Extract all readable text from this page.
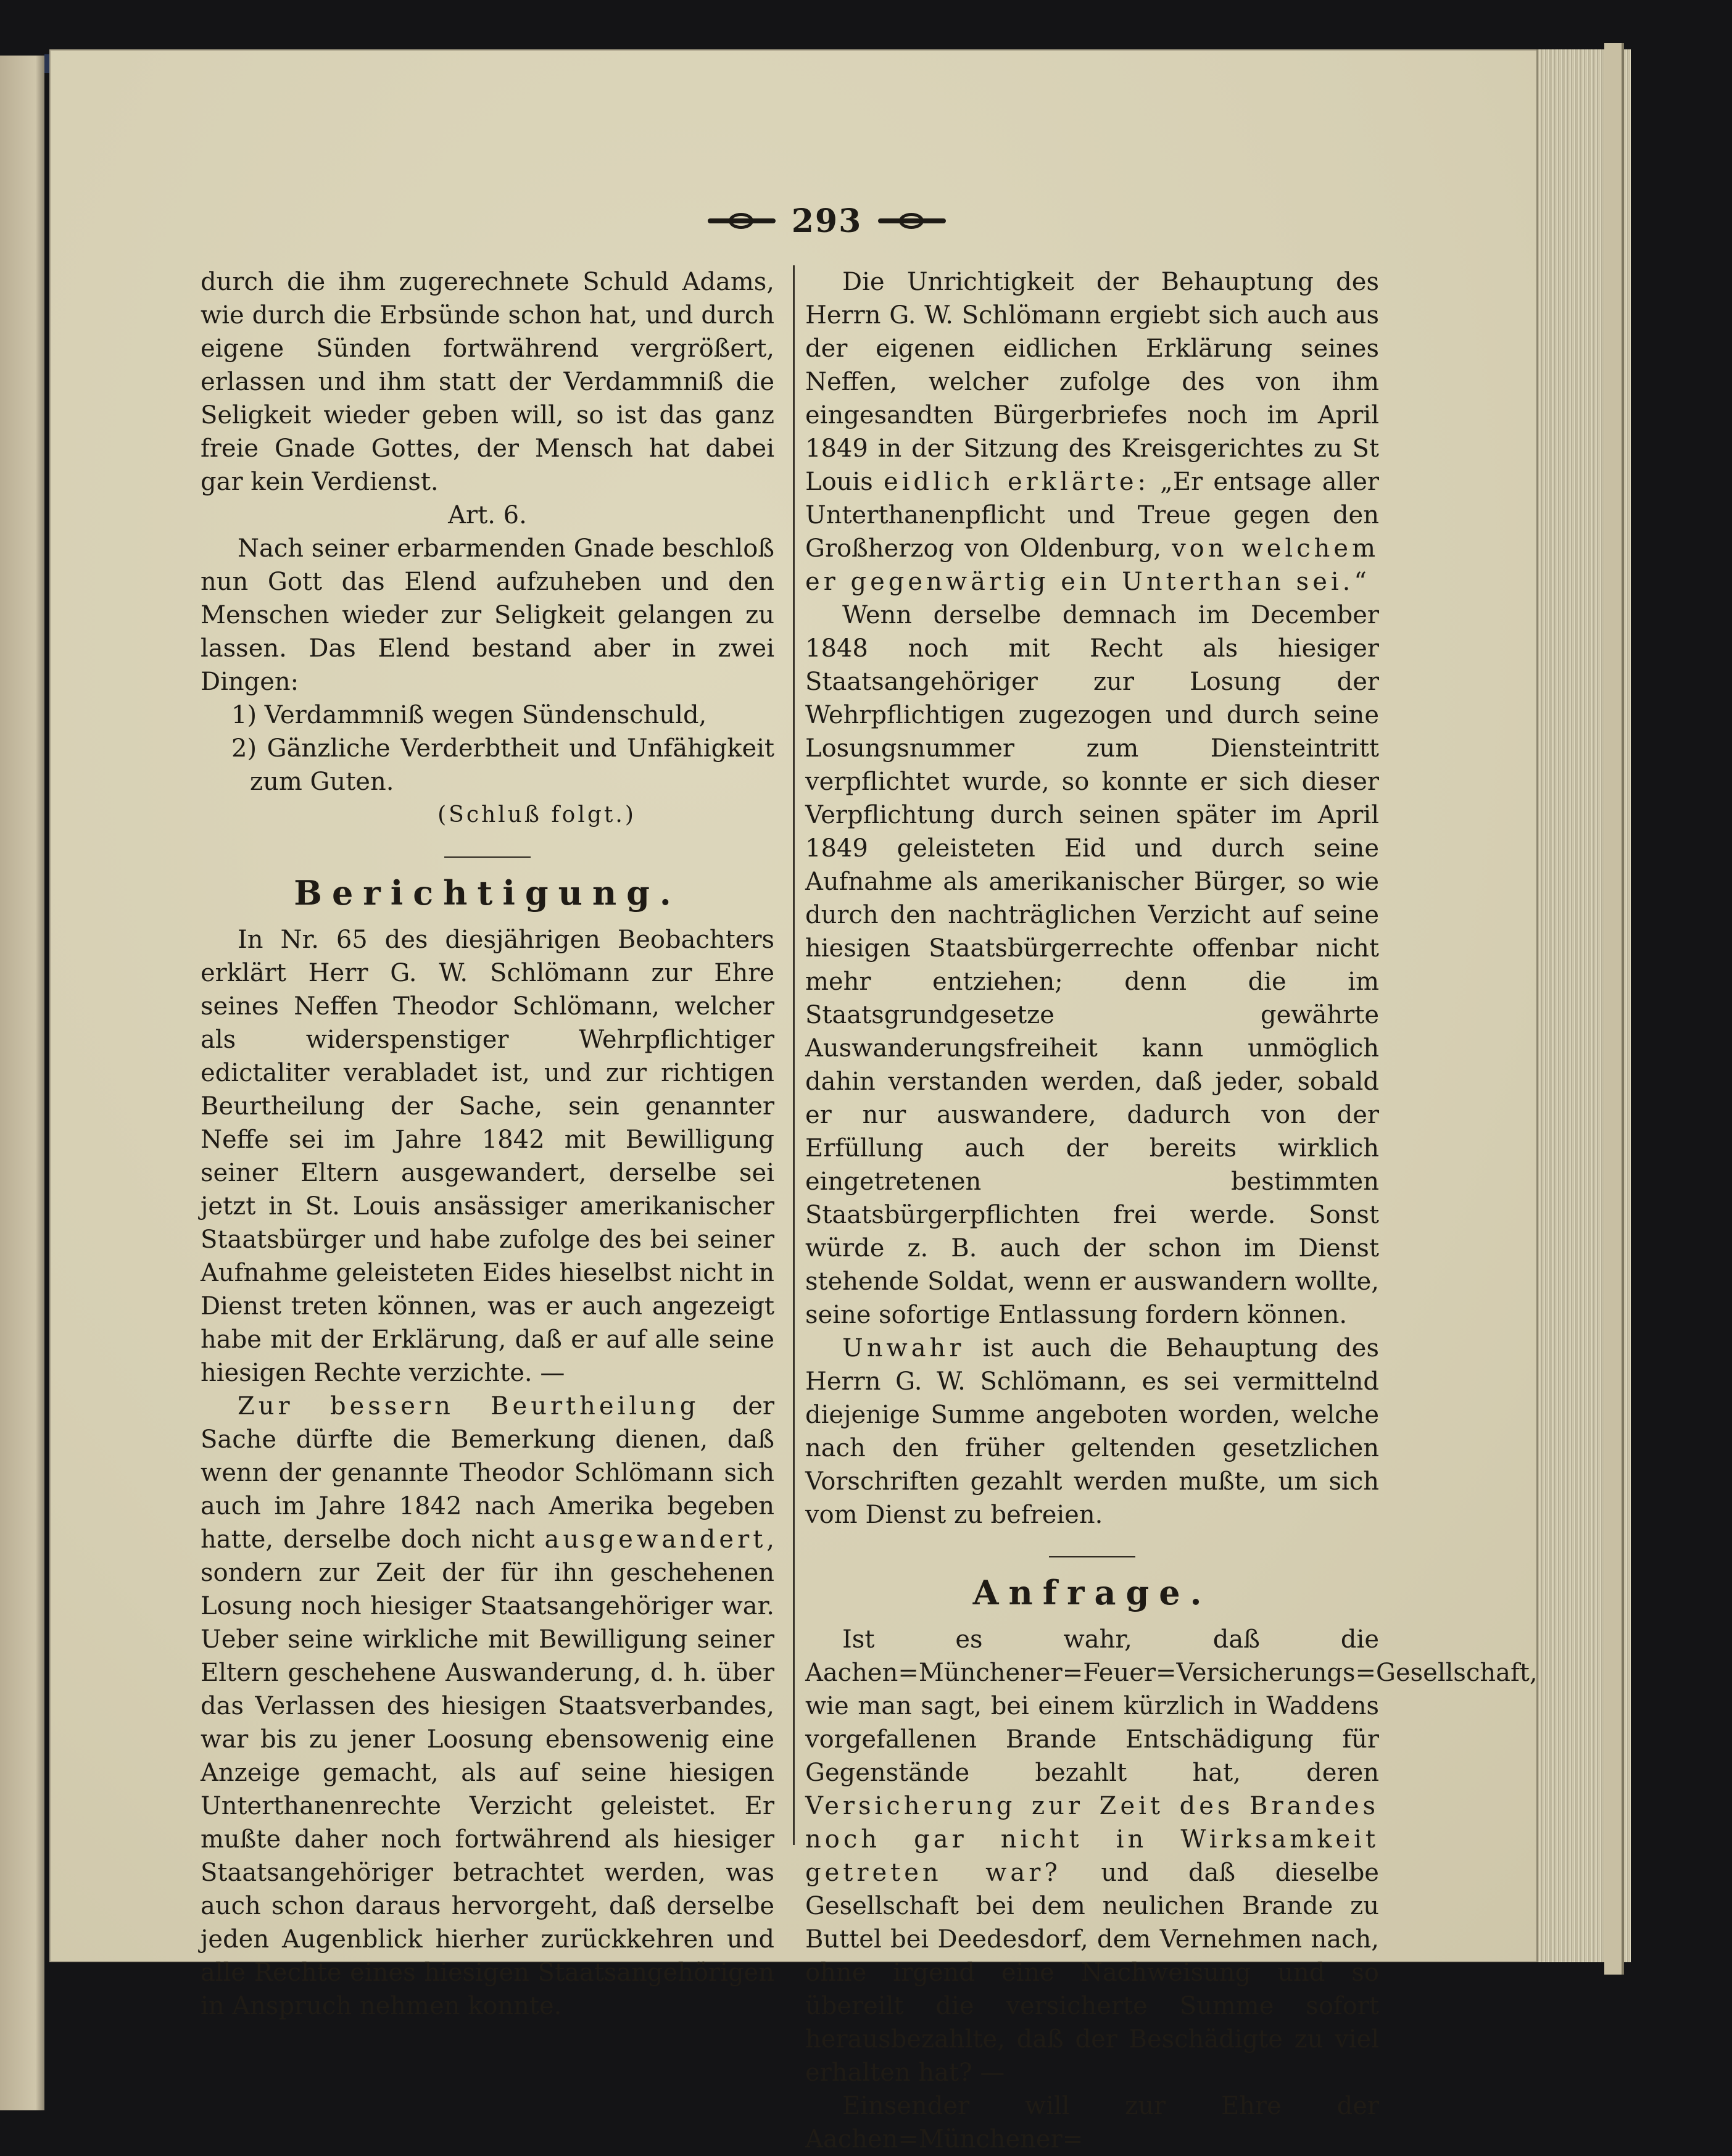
293

durch die ihm zugerechnete Schuld Adams, wie durch die Erbsünde schon hat, und durch eigene Sünden fortwährend vergrößert, erlassen und ihm statt der Verdammniß die Seligkeit wieder geben will, so ist das ganz freie Gnade Gottes, der Mensch hat dabei gar kein Verdienst.

Art. 6.

Nach seiner erbarmenden Gnade beschloß nun Gott das Elend aufzuheben und den Menschen wieder zur Seligkeit gelangen zu lassen. Das Elend bestand aber in zwei Dingen:

1) Verdammniß wegen Sündenschuld,

2) Gänzliche Verderbtheit und Unfähigkeit zum Guten.

(Schluß folgt.)

Berichtigung.

In Nr. 65 des diesjährigen Beobachters erklärt Herr G. W. Schlömann zur Ehre seines Neffen Theodor Schlömann, welcher als widerspenstiger Wehrpflichtiger edictaliter verabladet ist, und zur richtigen Beurtheilung der Sache, sein genannter Neffe sei im Jahre 1842 mit Bewilligung seiner Eltern ausgewandert, derselbe sei jetzt in St. Louis ansässiger amerikanischer Staatsbürger und habe zufolge des bei seiner Aufnahme geleisteten Eides hieselbst nicht in Dienst treten können, was er auch angezeigt habe mit der Erklärung, daß er auf alle seine hiesigen Rechte verzichte. —

Zur bessern Beurtheilung der Sache dürfte die Bemerkung dienen, daß wenn der genannte Theodor Schlömann sich auch im Jahre 1842 nach Amerika begeben hatte, derselbe doch nicht ausgewandert, sondern zur Zeit der für ihn geschehenen Losung noch hiesiger Staatsangehöriger war. Ueber seine wirkliche mit Bewilligung seiner Eltern geschehene Auswanderung, d. h. über das Verlassen des hiesigen Staatsverbandes, war bis zu jener Loosung ebensowenig eine Anzeige gemacht, als auf seine hiesigen Unterthanenrechte Verzicht geleistet. Er mußte daher noch fortwährend als hiesiger Staatsangehöriger betrachtet werden, was auch schon daraus hervorgeht, daß derselbe jeden Augenblick hierher zurückkehren und alle Rechte eines hiesigen Staatsangehörigen in Anspruch nehmen konnte.

Die Unrichtigkeit der Behauptung des Herrn G. W. Schlömann ergiebt sich auch aus der eigenen eidlichen Erklärung seines Neffen, welcher zufolge des von ihm eingesandten Bürgerbriefes noch im April 1849 in der Sitzung des Kreisgerichtes zu St Louis eidlich erklärte: „Er entsage aller Unterthanenpflicht und Treue gegen den Großherzog von Oldenburg, von welchem er gegenwärtig ein Unterthan sei.“

Wenn derselbe demnach im December 1848 noch mit Recht als hiesiger Staatsangehöriger zur Losung der Wehrpflichtigen zugezogen und durch seine Losungsnummer zum Diensteintritt verpflichtet wurde, so konnte er sich dieser Verpflichtung durch seinen später im April 1849 geleisteten Eid und durch seine Aufnahme als amerikanischer Bürger, so wie durch den nachträglichen Verzicht auf seine hiesigen Staatsbürgerrechte offenbar nicht mehr entziehen; denn die im Staatsgrundgesetze gewährte Auswanderungsfreiheit kann unmöglich dahin verstanden werden, daß jeder, sobald er nur auswandere, dadurch von der Erfüllung auch der bereits wirklich eingetretenen bestimmten Staatsbürgerpflichten frei werde. Sonst würde z. B. auch der schon im Dienst stehende Soldat, wenn er auswandern wollte, seine sofortige Entlassung fordern können.

Unwahr ist auch die Behauptung des Herrn G. W. Schlömann, es sei vermittelnd diejenige Summe angeboten worden, welche nach den früher geltenden gesetzlichen Vorschriften gezahlt werden mußte, um sich vom Dienst zu befreien.

Anfrage.

Ist es wahr, daß die Aachen=Münchener=Feuer=Versicherungs=Gesellschaft, wie man sagt, bei einem kürzlich in Waddens vorgefallenen Brande Entschädigung für Gegenstände bezahlt hat, deren Versicherung zur Zeit des Brandes noch gar nicht in Wirksamkeit getreten war? und daß dieselbe Gesellschaft bei dem neulichen Brande zu Buttel bei Deedesdorf, dem Vernehmen nach, ohne irgend eine Nachweisung und so übereilt die versicherte Summe sofort herausbezahlte, daß der Beschädigte zu viel erhalten hat? —

Einsender will zur Ehre der Aachen=Münchener=
